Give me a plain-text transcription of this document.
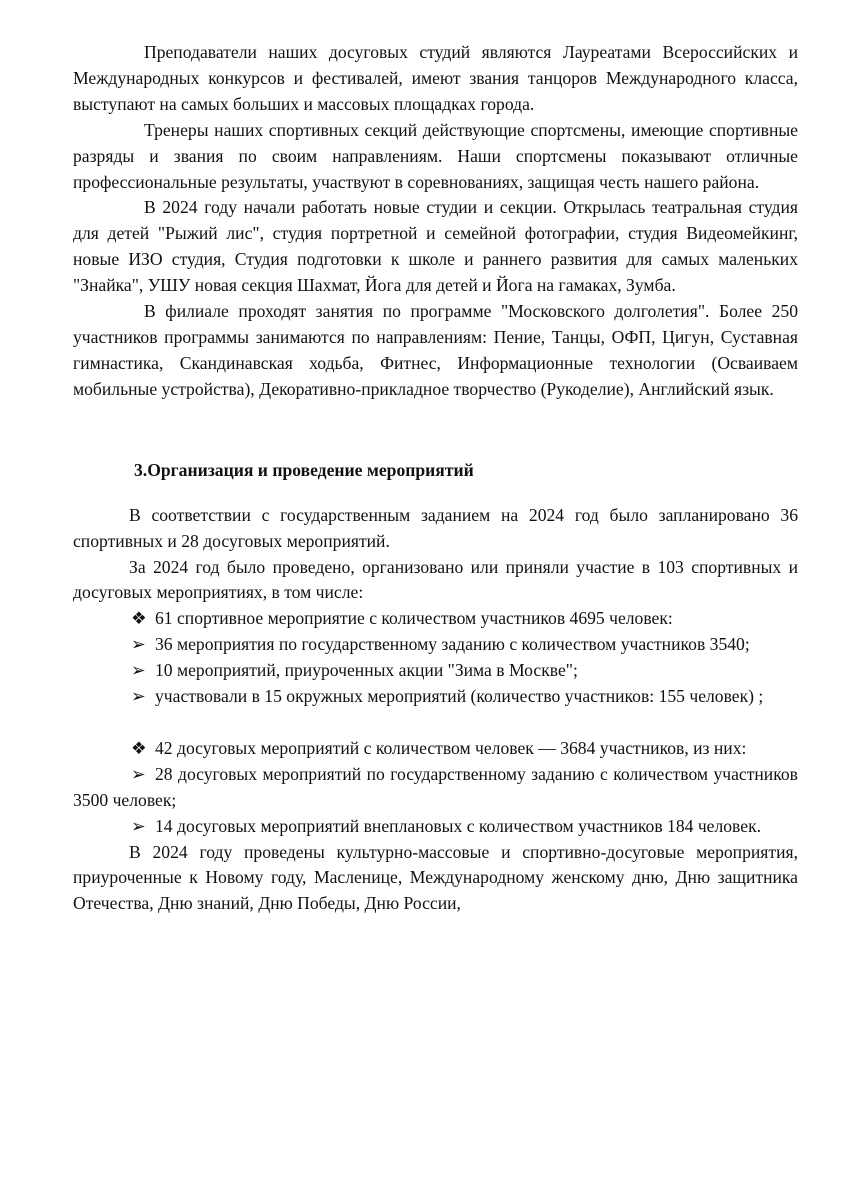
Преподаватели наших досуговых студий являются Лауреатами Всероссийских и Международных конкурсов и фестивалей, имеют звания танцоров Международного класса, выступают на самых больших и массовых площадках города.

Тренеры наших спортивных секций действующие спортсмены, имеющие спортивные разряды и звания по своим направлениям. Наши спортсмены показывают отличные профессиональные результаты, участвуют в соревнованиях, защищая честь нашего района.

В 2024 году начали работать новые студии и секции. Открылась театральная студия для детей "Рыжий лис", студия портретной и семейной фотографии, студия Видеомейкинг, новые ИЗО студия, Студия подготовки к школе и раннего развития для самых маленьких "Знайка", УШУ новая секция Шахмат, Йога для детей и Йога на гамаках, Зумба.

В филиале проходят занятия по программе "Московского долголетия". Более 250 участников программы занимаются по направлениям: Пение, Танцы, ОФП, Цигун, Суставная гимнастика, Скандинавская ходьба, Фитнес, Информационные технологии (Осваиваем мобильные устройства), Декоративно-прикладное творчество (Рукоделие), Английский язык.

3.Организация и проведение мероприятий

В соответствии с государственным заданием на 2024 год было запланировано 36 спортивных и 28 досуговых мероприятий.

За 2024 год было проведено, организовано или приняли участие в 103 спортивных и досуговых мероприятиях, в том числе:

❖ 61 спортивное мероприятие с количеством участников 4695 человек:

➢ 36 мероприятия по государственному заданию с количеством участников 3540;

➢ 10 мероприятий, приуроченных акции "Зима в Москве";

➢ участвовали в 15 окружных мероприятий (количество участников: 155 человек) ;

❖ 42 досуговых мероприятий с количеством человек — 3684 участников, из них:

➢ 28 досуговых мероприятий по государственному заданию с количеством участников 3500 человек;

➢ 14 досуговых мероприятий внеплановых с количеством участников 184 человек.

В 2024 году проведены культурно-массовые и спортивно-досуговые мероприятия, приуроченные к Новому году, Масленице, Международному женскому дню, Дню защитника Отечества, Дню знаний, Дню Победы, Дню России,
